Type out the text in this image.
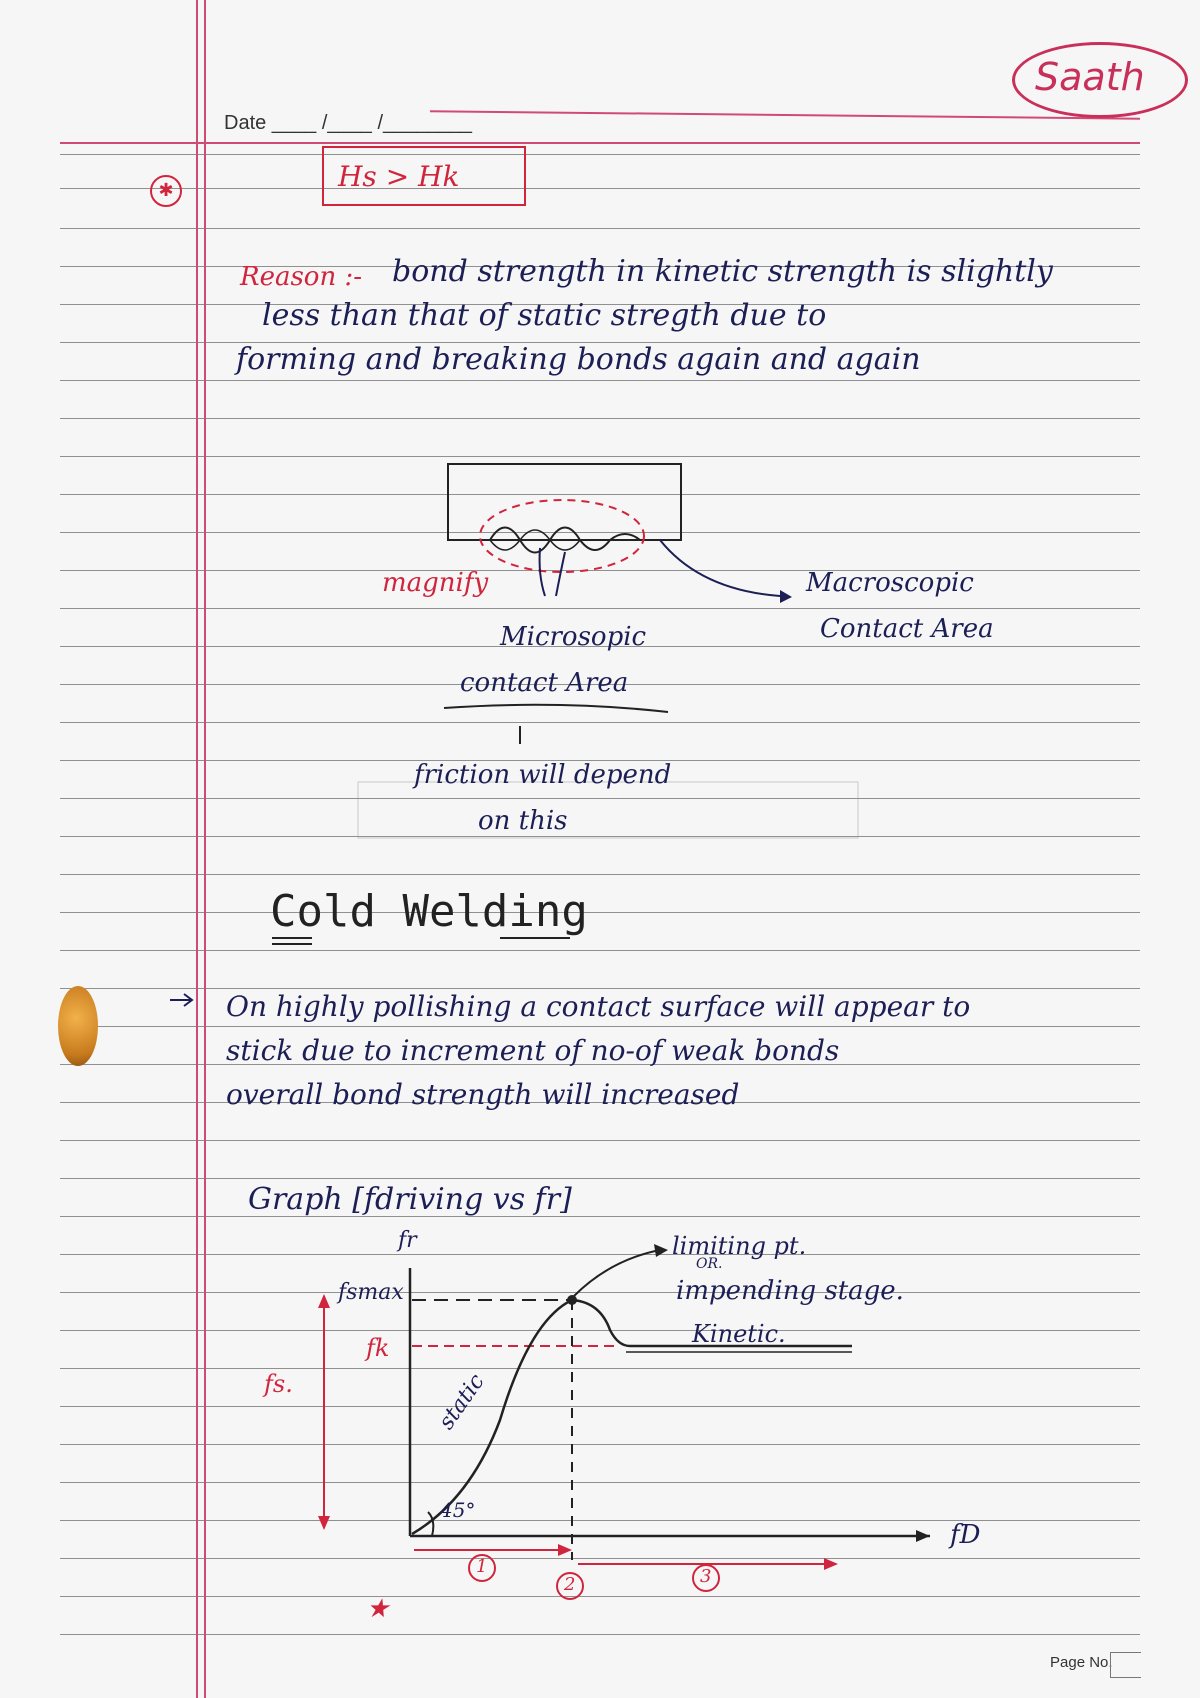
Saath
Date ____ /____ /________
✱	Hs > Hk
Reason :- bond strength in kinetic strength is slightly
less than that of static stregth due to
forming and breaking bonds again and again
magnify	Macroscopic
Contact Area
Microsopic
contact Area
friction will depend
on this
Cold Welding
On highly pollishing a contact surface will appear to
stick due to increment of no-of weak bonds
overall bond strength will increased
Graph [fdriving vs fr]
fr
fD
fsmax
fk
fs.
limiting pt.
OR.
impending stage.
Kinetic.
static
45°
1
2	3
★
Page No.
